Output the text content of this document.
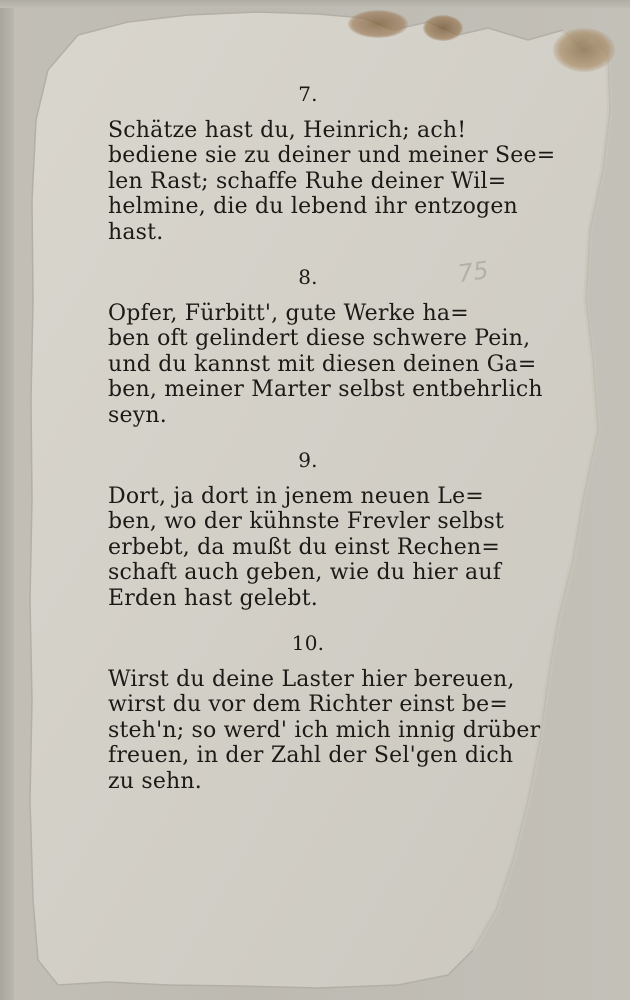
75
7.
Schätze hast du, Heinrich; ach!
bediene sie zu deiner und meiner See=
len Rast; schaffe Ruhe deiner Wil=
helmine, die du lebend ihr entzogen
hast.
8.
Opfer, Fürbitt', gute Werke ha=
ben oft gelindert diese schwere Pein,
und du kannst mit diesen deinen Ga=
ben, meiner Marter selbst entbehrlich
seyn.
9.
Dort, ja dort in jenem neuen Le=
ben, wo der kühnste Frevler selbst
erbebt, da mußt du einst Rechen=
schaft auch geben, wie du hier auf
Erden hast gelebt.
10.
Wirst du deine Laster hier bereuen,
wirst du vor dem Richter einst be=
steh'n; so werd' ich mich innig drüber
freuen, in der Zahl der Sel'gen dich
zu sehn.
